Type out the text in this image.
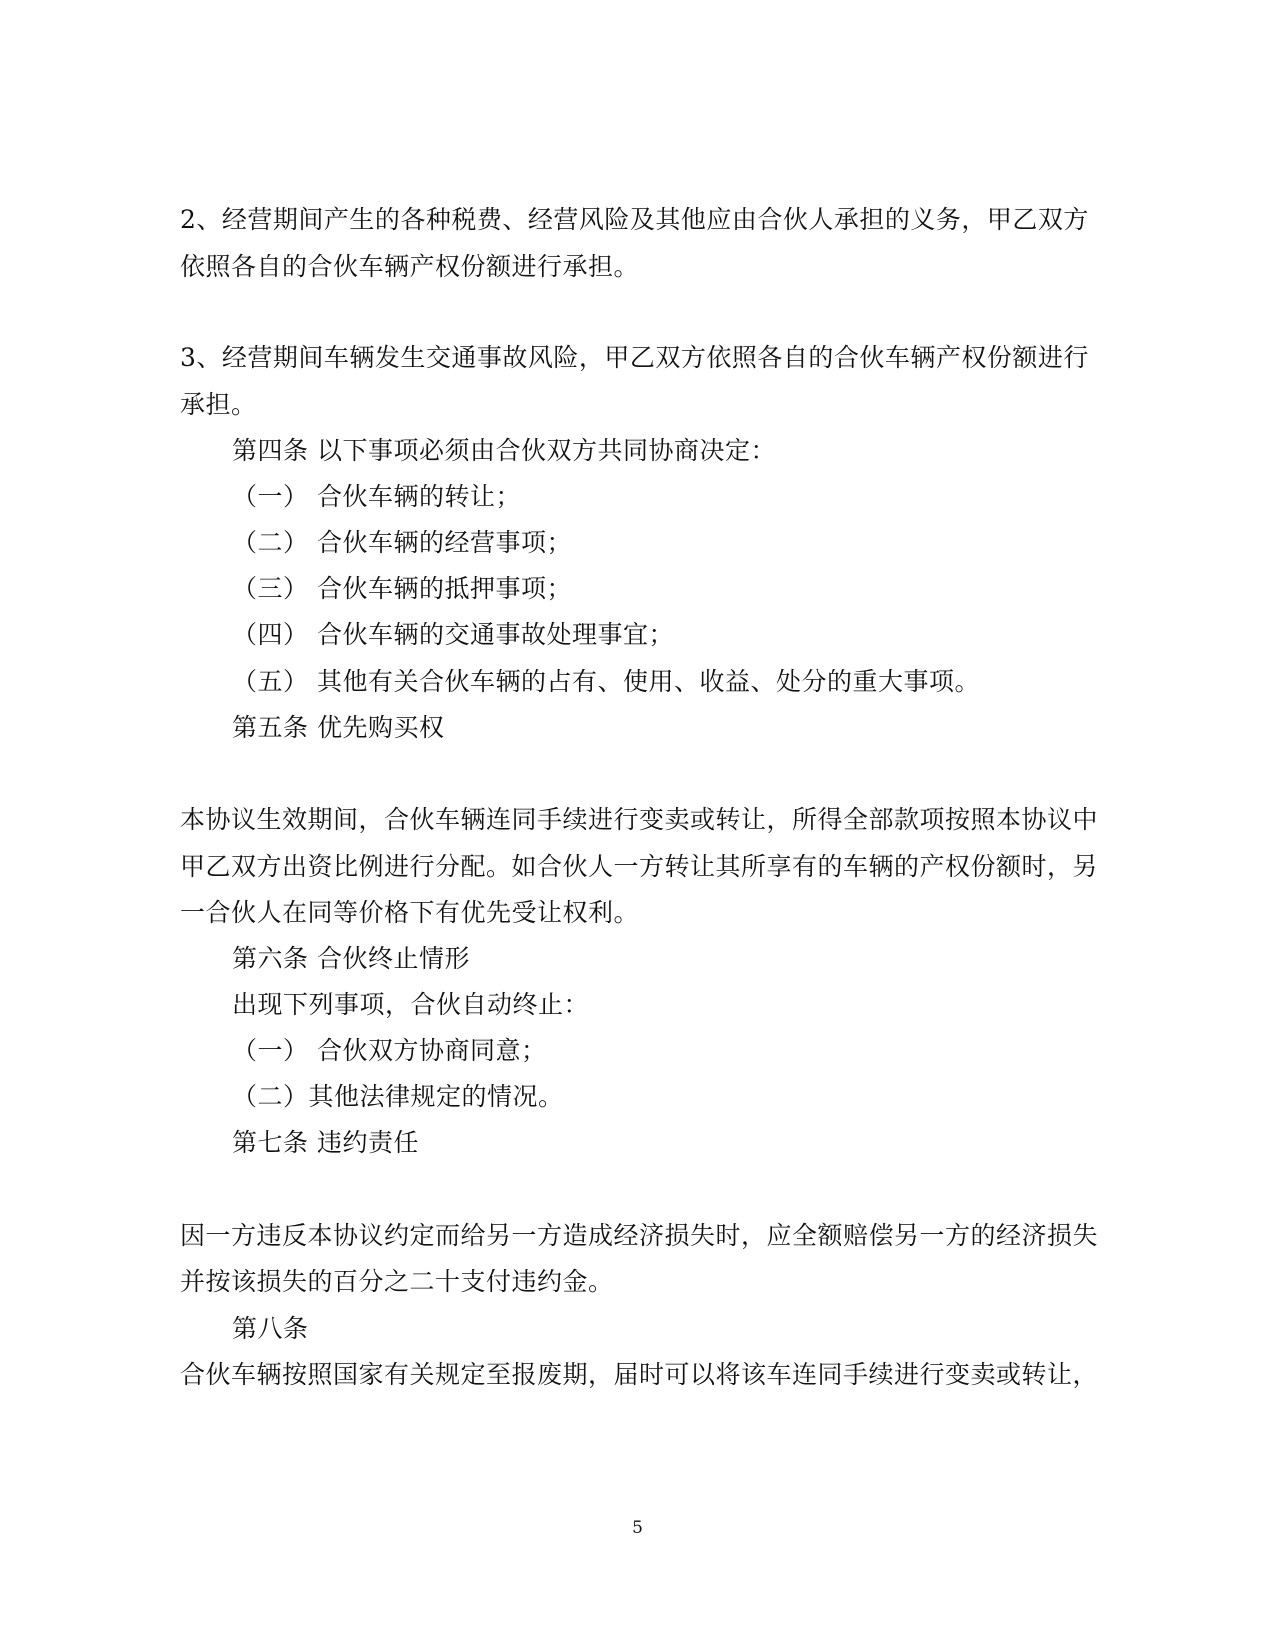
2、经营期间产生的各种税费、经营风险及其他应由合伙人承担的义务，甲乙双方
依照各自的合伙车辆产权份额进行承担。
3、经营期间车辆发生交通事故风险，甲乙双方依照各自的合伙车辆产权份额进行
承担。
第四条 以下事项必须由合伙双方共同协商决定：
（一） 合伙车辆的转让；
（二） 合伙车辆的经营事项；
（三） 合伙车辆的抵押事项；
（四） 合伙车辆的交通事故处理事宜；
（五） 其他有关合伙车辆的占有、使用、收益、处分的重大事项。
第五条 优先购买权
本协议生效期间，合伙车辆连同手续进行变卖或转让，所得全部款项按照本协议中
甲乙双方出资比例进行分配。如合伙人一方转让其所享有的车辆的产权份额时，另
一合伙人在同等价格下有优先受让权利。
第六条 合伙终止情形
出现下列事项，合伙自动终止：
（一） 合伙双方协商同意；
（二）其他法律规定的情况。
第七条 违约责任
因一方违反本协议约定而给另一方造成经济损失时，应全额赔偿另一方的经济损失
并按该损失的百分之二十支付违约金。
第八条
合伙车辆按照国家有关规定至报废期，届时可以将该车连同手续进行变卖或转让，
5
